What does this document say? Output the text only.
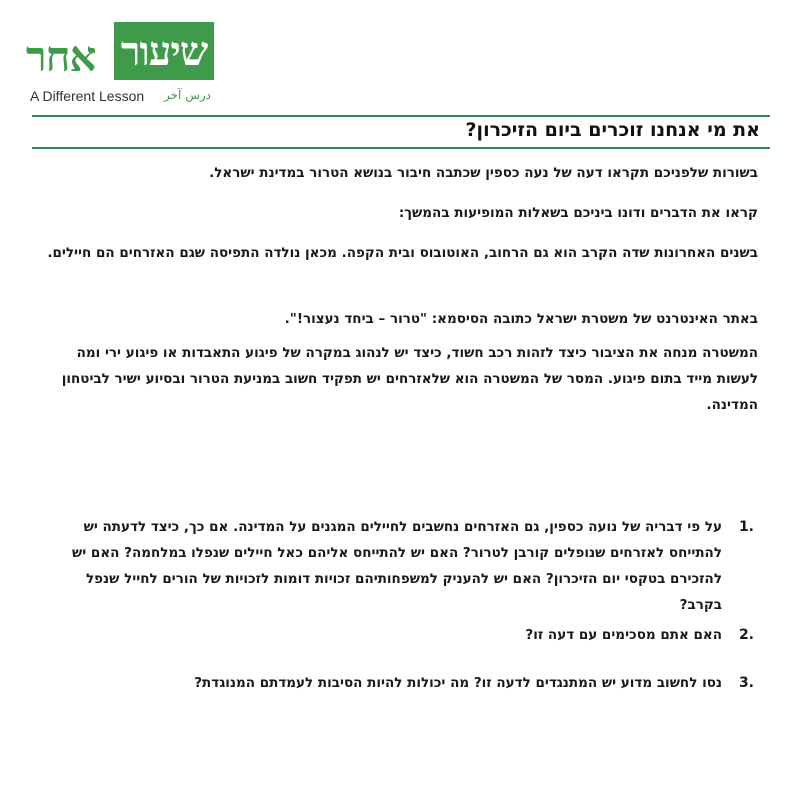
אחר שיעור
A Different Lesson درس آخر
את מי אנחנו זוכרים ביום הזיכרון?

בשורות שלפניכם תקראו דעה של נעה כספין שכתבה חיבור בנושא הטרור במדינת ישראל.

קראו את הדברים ודונו ביניכם בשאלות המופיעות בהמשך:

בשנים האחרונות שדה הקרב הוא גם הרחוב, האוטובוס ובית הקפה. מכאן נולדה התפיסה שגם האזרחים הם חיילים.

באתר האינטרנט של משטרת ישראל כתובה הסיסמא: "טרור – ביחד נעצור!".

המשטרה מנחה את הציבור כיצד לזהות רכב חשוד, כיצד יש לנהוג במקרה של פיגוע התאבדות או פיגוע ירי ומה לעשות מייד בתום פיגוע. המסר של המשטרה הוא שלאזרחים יש תפקיד חשוב במניעת הטרור ובסיוע ישיר לביטחון המדינה.

1.
על פי דבריה של נועה כספין, גם האזרחים נחשבים לחיילים המגנים על המדינה. אם כך, כיצד לדעתה יש להתייחס לאזרחים שנופלים קורבן לטרור? האם יש להתייחס אליהם כאל חיילים שנפלו במלחמה? האם יש להזכירם בטקסי יום הזיכרון? האם יש להעניק למשפחותיהם זכויות דומות לזכויות של הורים לחייל שנפל בקרב?
2.
האם אתם מסכימים עם דעה זו?
3.
נסו לחשוב מדוע יש המתנגדים לדעה זו? מה יכולות להיות הסיבות לעמדתם המנוגדת?
